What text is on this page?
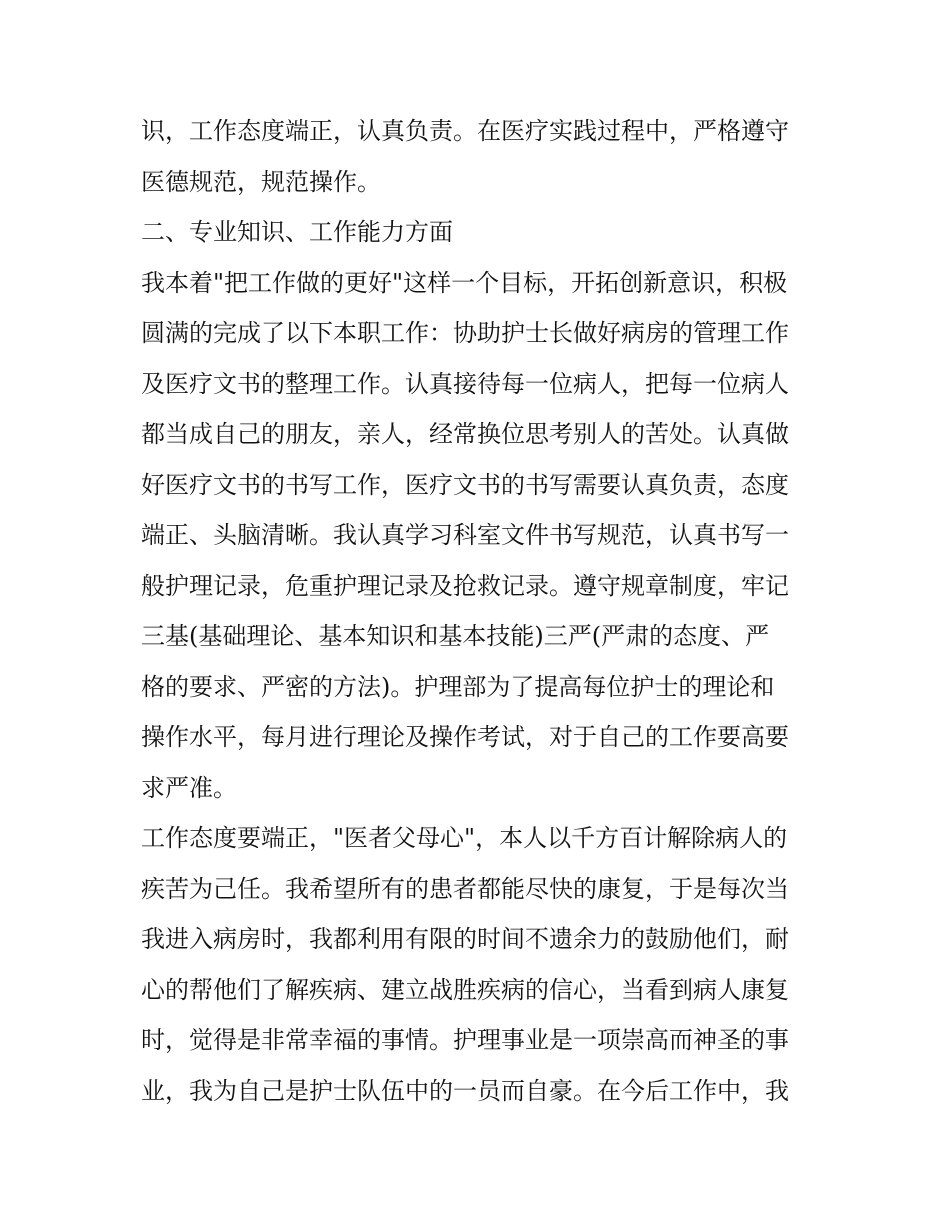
识，工作态度端正，认真负责。在医疗实践过程中，严格遵守
医德规范，规范操作。
二、专业知识、工作能力方面
我本着"把工作做的更好"这样一个目标，开拓创新意识，积极
圆满的完成了以下本职工作：协助护士长做好病房的管理工作
及医疗文书的整理工作。认真接待每一位病人，把每一位病人
都当成自己的朋友，亲人，经常换位思考别人的苦处。认真做
好医疗文书的书写工作，医疗文书的书写需要认真负责，态度
端正、头脑清晰。我认真学习科室文件书写规范，认真书写一
般护理记录，危重护理记录及抢救记录。遵守规章制度，牢记
三基(基础理论、基本知识和基本技能)三严(严肃的态度、严
格的要求、严密的方法)。护理部为了提高每位护士的理论和
操作水平，每月进行理论及操作考试，对于自己的工作要高要
求严准。
工作态度要端正，"医者父母心"，本人以千方百计解除病人的
疾苦为己任。我希望所有的患者都能尽快的康复，于是每次当
我进入病房时，我都利用有限的时间不遗余力的鼓励他们，耐
心的帮他们了解疾病、建立战胜疾病的信心，当看到病人康复
时，觉得是非常幸福的事情。护理事业是一项崇高而神圣的事
业，我为自己是护士队伍中的一员而自豪。在今后工作中，我
